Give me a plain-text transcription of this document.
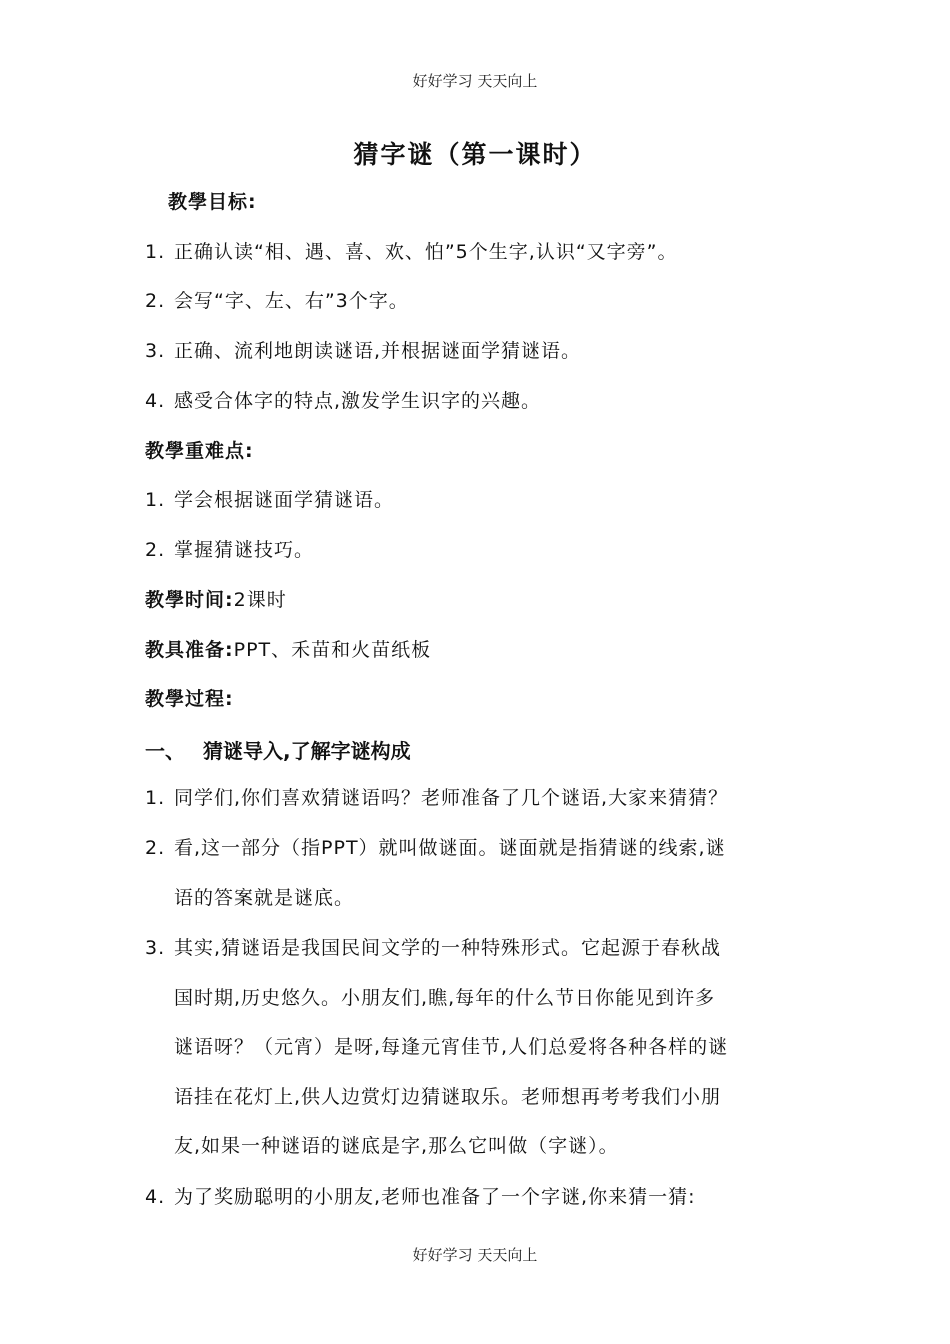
好好学习 天天向上
猜字谜（第一课时）
教學目标:
1. 正确认读“相、遇、喜、欢、怕”5个生字,认识“又字旁”。
2. 会写“字、左、右”3个字。
3. 正确、流利地朗读谜语,并根据谜面学猜谜语。
4. 感受合体字的特点,激发学生识字的兴趣。
教學重难点:
1. 学会根据谜面学猜谜语。
2. 掌握猜谜技巧。
教學时间:2课时
教具准备:PPT、禾苗和火苗纸板
教學过程:
一、 猜谜导入,了解字谜构成
1. 同学们,你们喜欢猜谜语吗？老师准备了几个谜语,大家来猜猜？
2. 看,这一部分（指PPT）就叫做谜面。谜面就是指猜谜的线索,谜
语的答案就是谜底。
3. 其实,猜谜语是我国民间文学的一种特殊形式。它起源于春秋战
国时期,历史悠久。小朋友们,瞧,每年的什么节日你能见到许多
谜语呀？（元宵）是呀,每逢元宵佳节,人们总爱将各种各样的谜
语挂在花灯上,供人边赏灯边猜谜取乐。老师想再考考我们小朋
友,如果一种谜语的谜底是字,那么它叫做（字谜）。
4. 为了奖励聪明的小朋友,老师也准备了一个字谜,你来猜一猜:
好好学习 天天向上
